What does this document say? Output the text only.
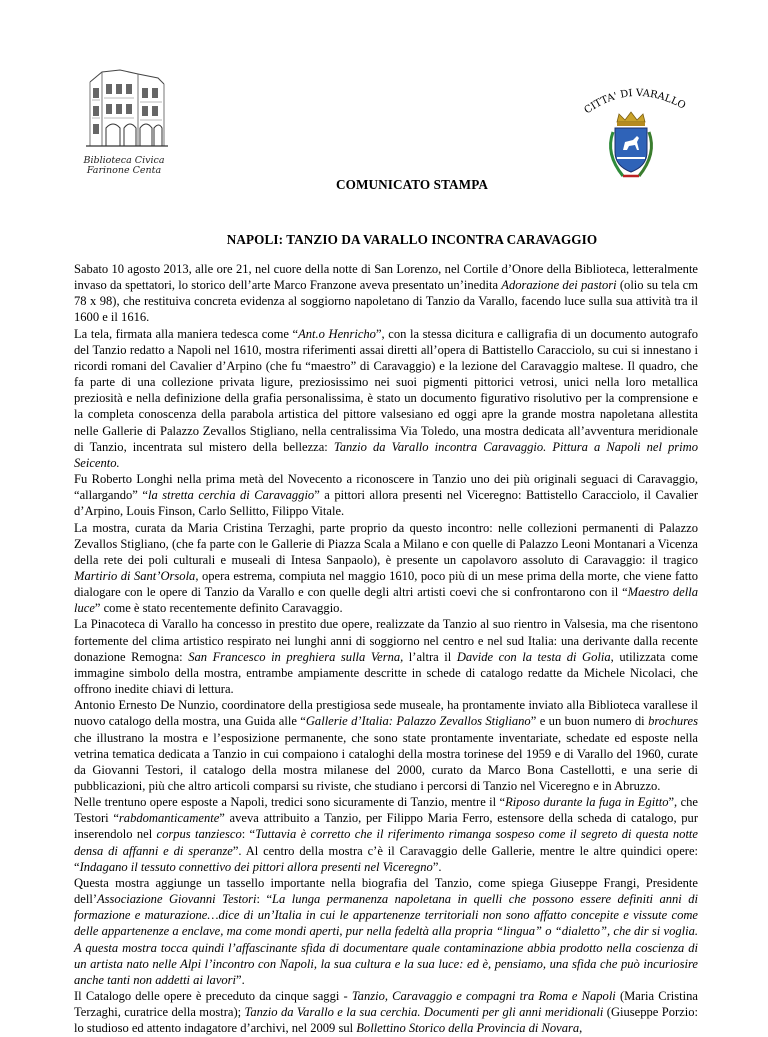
Biblioteca Civica Farinone Centa
CITTA' DI VARALLO
COMUNICATO STAMPA
NAPOLI: TANZIO DA VARALLO INCONTRA CARAVAGGIO

Sabato 10 agosto 2013, alle ore 21, nel cuore della notte di San Lorenzo, nel Cortile d’Onore della Biblioteca, letteralmente invaso da spettatori, lo storico dell’arte Marco Franzone aveva presentato un’inedita Adorazione dei pastori (olio su tela cm 78 x 98), che restituiva concreta evidenza al soggiorno napoletano di Tanzio da Varallo, facendo luce sulla sua attività tra il 1600 e il 1616.

La tela, firmata alla maniera tedesca come “Ant.o Henricho”, con la stessa dicitura e calligrafia di un documento autografo del Tanzio redatto a Napoli nel 1610, mostra riferimenti assai diretti all’opera di Battistello Caracciolo, su cui si innestano i ricordi romani del Cavalier d’Arpino (che fu “maestro” di Caravaggio) e la lezione del Caravaggio maltese. Il quadro, che fa parte di una collezione privata ligure, preziosissimo nei suoi pigmenti pittorici vetrosi, unici nella loro metallica preziosità e nella definizione della grafia personalissima, è stato un documento figurativo risolutivo per la comprensione e la completa conoscenza della parabola artistica del pittore valsesiano ed oggi apre la grande mostra napoletana allestita nelle Gallerie di Palazzo Zevallos Stigliano, nella centralissima Via Toledo, una mostra dedicata all’avventura meridionale di Tanzio, incentrata sul mistero della bellezza: Tanzio da Varallo incontra Caravaggio. Pittura a Napoli nel primo Seicento.

Fu Roberto Longhi nella prima metà del Novecento a riconoscere in Tanzio uno dei più originali seguaci di Caravaggio, “allargando” “la stretta cerchia di Caravaggio” a pittori allora presenti nel Viceregno: Battistello Caracciolo, il Cavalier d’Arpino, Louis Finson, Carlo Sellitto, Filippo Vitale.

La mostra, curata da Maria Cristina Terzaghi, parte proprio da questo incontro: nelle collezioni permanenti di Palazzo Zevallos Stigliano, (che fa parte con le Gallerie di Piazza Scala a Milano e con quelle di Palazzo Leoni Montanari a Vicenza della rete dei poli culturali e museali di Intesa Sanpaolo), è presente un capolavoro assoluto di Caravaggio: il tragico Martirio di Sant’Orsola, opera estrema, compiuta nel maggio 1610, poco più di un mese prima della morte, che viene fatto dialogare con le opere di Tanzio da Varallo e con quelle degli altri artisti coevi che si confrontarono con il “Maestro della luce” come è stato recentemente definito Caravaggio.

La Pinacoteca di Varallo ha concesso in prestito due opere, realizzate da Tanzio al suo rientro in Valsesia, ma che risentono fortemente del clima artistico respirato nei lunghi anni di soggiorno nel centro e nel sud Italia: una derivante dalla recente donazione Remogna: San Francesco in preghiera sulla Verna, l’altra il Davide con la testa di Golia, utilizzata come immagine simbolo della mostra, entrambe ampiamente descritte in schede di catalogo redatte da Michele Nicolaci, che offrono inedite chiavi di lettura.

Antonio Ernesto De Nunzio, coordinatore della prestigiosa sede museale, ha prontamente inviato alla Biblioteca varallese il nuovo catalogo della mostra, una Guida alle “Gallerie d’Italia: Palazzo Zevallos Stigliano” e un buon numero di brochures che illustrano la mostra e l’esposizione permanente, che sono state prontamente inventariate, schedate ed esposte nella vetrina tematica dedicata a Tanzio in cui compaiono i cataloghi della mostra torinese del 1959 e di Varallo del 1960, curate da Giovanni Testori, il catalogo della mostra milanese del 2000, curato da Marco Bona Castellotti, e una serie di pubblicazioni, più che altro articoli comparsi su riviste, che studiano i percorsi di Tanzio nel Viceregno e in Abruzzo.

Nelle trentuno opere esposte a Napoli, tredici sono sicuramente di Tanzio, mentre il “Riposo durante la fuga in Egitto”, che Testori “rabdomanticamente” aveva attribuito a Tanzio, per Filippo Maria Ferro, estensore della scheda di catalogo, pur inserendolo nel corpus tanziesco: “Tuttavia è corretto che il riferimento rimanga sospeso come il segreto di questa notte densa di affanni e di speranze”. Al centro della mostra c’è il Caravaggio delle Gallerie, mentre le altre quindici opere: “Indagano il tessuto connettivo dei pittori allora presenti nel Viceregno”.

Questa mostra aggiunge un tassello importante nella biografia del Tanzio, come spiega Giuseppe Frangi, Presidente dell’Associazione Giovanni Testori: “La lunga permanenza napoletana in quelli che possono essere definiti anni di formazione e maturazione…dice di un’Italia in cui le appartenenze territoriali non sono affatto concepite e vissute come delle appartenenze a enclave, ma come mondi aperti, pur nella fedeltà alla propria “lingua” o “dialetto”, che dir si voglia. A questa mostra tocca quindi l’affascinante sfida di documentare quale contaminazione abbia prodotto nella coscienza di un artista nato nelle Alpi l’incontro con Napoli, la sua cultura e la sua luce: ed è, pensiamo, una sfida che può incuriosire anche tanti non addetti ai lavori”.

Il Catalogo delle opere è preceduto da cinque saggi - Tanzio, Caravaggio e compagni tra Roma e Napoli (Maria Cristina Terzaghi, curatrice della mostra); Tanzio da Varallo e la sua cerchia. Documenti per gli anni meridionali (Giuseppe Porzio: lo studioso ed attento indagatore d’archivi, nel 2009 sul Bollettino Storico della Provincia di Novara,
